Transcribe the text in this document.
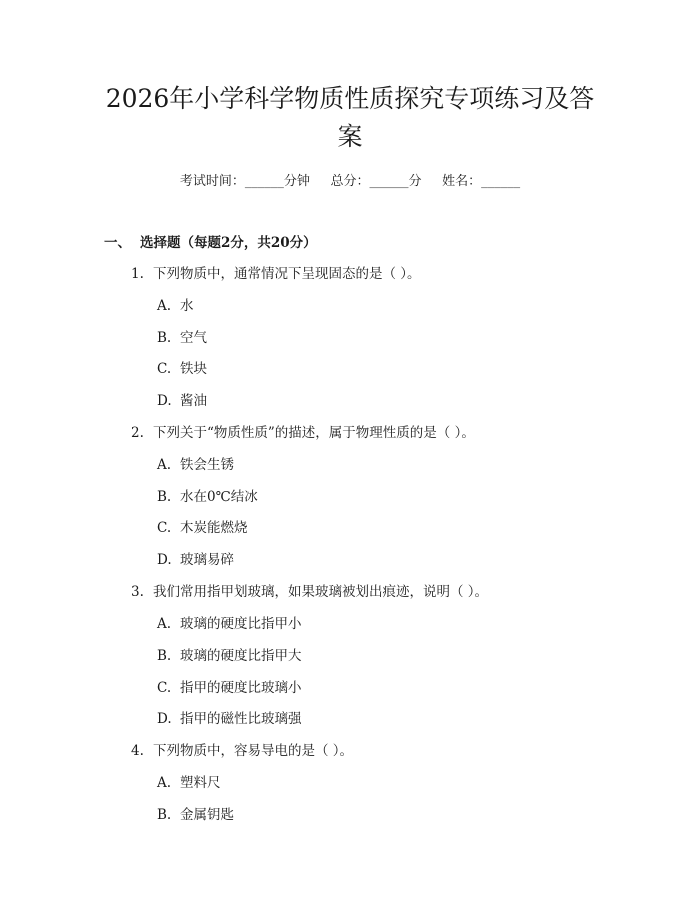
2026年小学科学物质性质探究专项练习及答
案
考试时间：______分钟     总分：______分     姓名：______
一、 选择题（每题2分，共20分）
1. 下列物质中，通常情况下呈现固态的是（ ）。
A. 水
B. 空气
C. 铁块
D. 酱油
2. 下列关于“物质性质”的描述，属于物理性质的是（ ）。
A. 铁会生锈
B. 水在0℃结冰
C. 木炭能燃烧
D. 玻璃易碎
3. 我们常用指甲划玻璃，如果玻璃被划出痕迹，说明（ ）。
A. 玻璃的硬度比指甲小
B. 玻璃的硬度比指甲大
C. 指甲的硬度比玻璃小
D. 指甲的磁性比玻璃强
4. 下列物质中，容易导电的是（ ）。
A. 塑料尺
B. 金属钥匙
